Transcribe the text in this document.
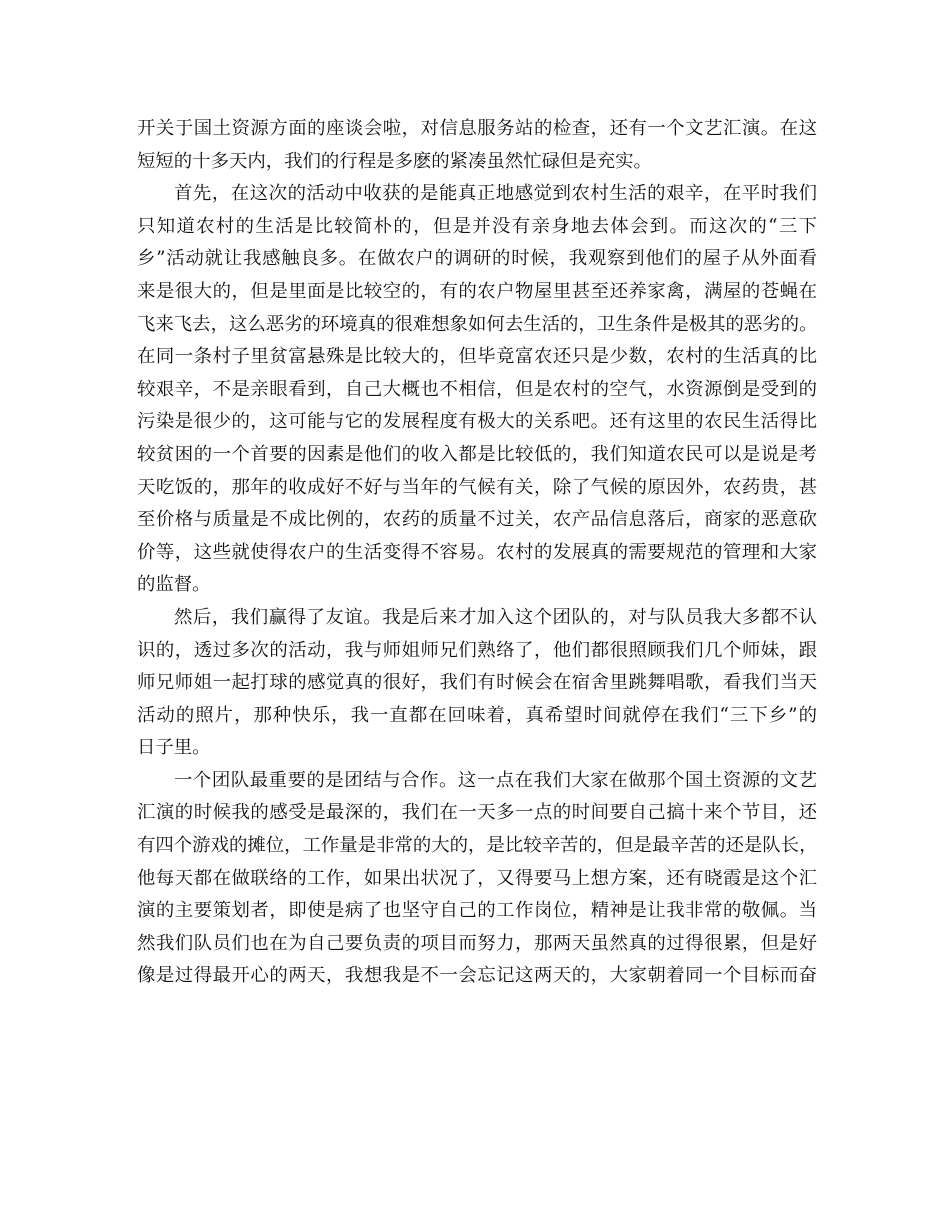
开关于国土资源方面的座谈会啦，对信息服务站的检查，还有一个文艺汇演。在这
短短的十多天内，我们的行程是多麽的紧凑虽然忙碌但是充实。
首先，在这次的活动中收获的是能真正地感觉到农村生活的艰辛，在平时我们
只知道农村的生活是比较简朴的，但是并没有亲身地去体会到。而这次的“三下
乡”活动就让我感触良多。在做农户的调研的时候，我观察到他们的屋子从外面看
来是很大的，但是里面是比较空的，有的农户物屋里甚至还养家禽，满屋的苍蝇在
飞来飞去，这么恶劣的环境真的很难想象如何去生活的，卫生条件是极其的恶劣的。
在同一条村子里贫富悬殊是比较大的，但毕竟富农还只是少数，农村的生活真的比
较艰辛，不是亲眼看到，自己大概也不相信，但是农村的空气，水资源倒是受到的
污染是很少的，这可能与它的发展程度有极大的关系吧。还有这里的农民生活得比
较贫困的一个首要的因素是他们的收入都是比较低的，我们知道农民可以是说是考
天吃饭的，那年的收成好不好与当年的气候有关，除了气候的原因外，农药贵，甚
至价格与质量是不成比例的，农药的质量不过关，农产品信息落后，商家的恶意砍
价等，这些就使得农户的生活变得不容易。农村的发展真的需要规范的管理和大家
的监督。
然后，我们赢得了友谊。我是后来才加入这个团队的，对与队员我大多都不认
识的，透过多次的活动，我与师姐师兄们熟络了，他们都很照顾我们几个师妹，跟
师兄师姐一起打球的感觉真的很好，我们有时候会在宿舍里跳舞唱歌，看我们当天
活动的照片，那种快乐，我一直都在回味着，真希望时间就停在我们“三下乡”的
日子里。
一个团队最重要的是团结与合作。这一点在我们大家在做那个国土资源的文艺
汇演的时候我的感受是最深的，我们在一天多一点的时间要自己搞十来个节目，还
有四个游戏的摊位，工作量是非常的大的，是比较辛苦的，但是最辛苦的还是队长，
他每天都在做联络的工作，如果出状况了，又得要马上想方案，还有晓霞是这个汇
演的主要策划者，即使是病了也坚守自己的工作岗位，精神是让我非常的敬佩。当
然我们队员们也在为自己要负责的项目而努力，那两天虽然真的过得很累，但是好
像是过得最开心的两天，我想我是不一会忘记这两天的，大家朝着同一个目标而奋
